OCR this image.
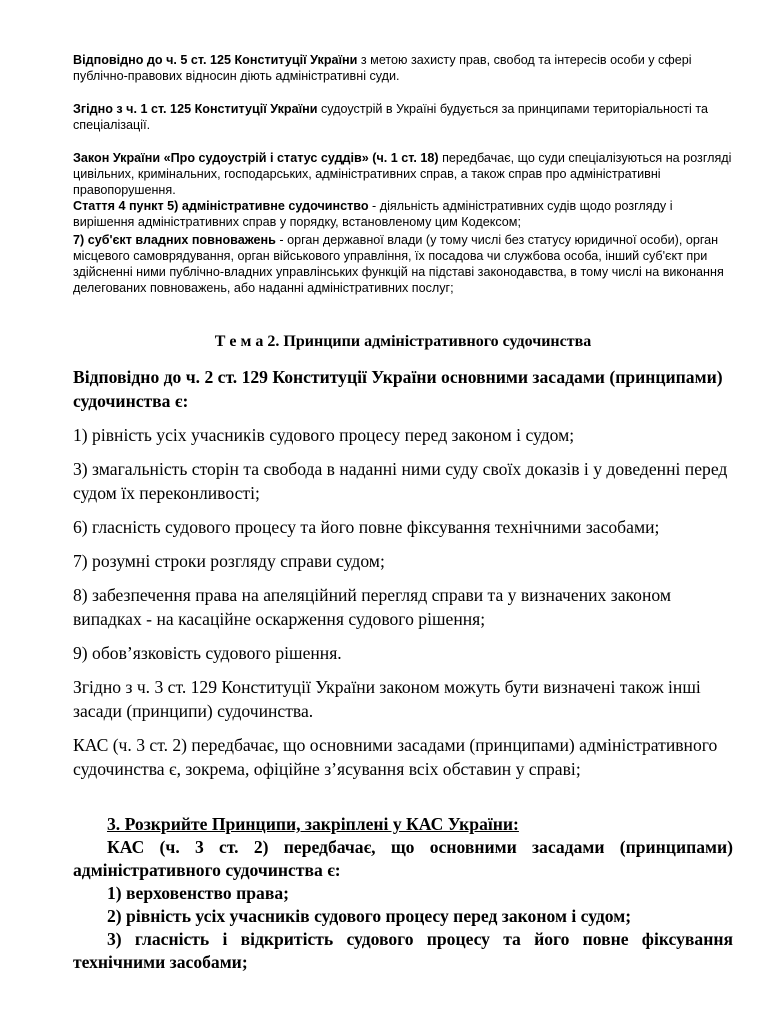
Відповідно до ч. 5 ст. 125 Конституції України з метою захисту прав, свобод та інтересів особи у сфері публічно-правових відносин діють адміністративні суди.

Згідно з ч. 1 ст. 125 Конституції України судоустрій в Україні будується за принципами територіальності та спеціалізації.

Закон України «Про судоустрій і статус суддів» (ч. 1 ст. 18) передбачає, що суди спеціалізуються на розгляді цивільних, кримінальних, господарських, адміністративних справ, а також справ про адміністративні правопорушення.

Стаття 4 пункт 5) адміністративне судочинство - діяльність адміністративних судів щодо розгляду і вирішення адміністративних справ у порядку, встановленому цим Кодексом;

7) суб'єкт владних повноважень - орган державної влади (у тому числі без статусу юридичної особи), орган місцевого самоврядування, орган військового управління, їх посадова чи службова особа, інший суб'єкт при здійсненні ними публічно-владних управлінських функцій на підставі законодавства, в тому числі на виконання делегованих повноважень, або наданні адміністративних послуг;

Т е м а 2. Принципи адміністративного судочинства

Відповідно до ч. 2 ст. 129 Конституції України основними засадами (принципами) судочинства є:

1) рівність усіх учасників судового процесу перед законом і судом;

3) змагальність сторін та свобода в наданні ними суду своїх доказів і у доведенні перед судом їх переконливості;

6) гласність судового процесу та його повне фіксування технічними засобами;

7) розумні строки розгляду справи судом;

8) забезпечення права на апеляційний перегляд справи та у визначених законом випадках - на касаційне оскарження судового рішення;

9) обов’язковість судового рішення.

Згідно з ч. 3 ст. 129 Конституції України законом можуть бути визначені також інші засади (принципи) судочинства.

КАС (ч. 3 ст. 2) передбачає, що основними засадами (принципами) адміністративного судочинства є, зокрема, офіційне з’ясування всіх обставин у справі;

3. Розкрийте Принципи, закріплені у КАС України:

КАС (ч. 3 ст. 2) передбачає, що основними засадами (принципами) адміністративного судочинства є:

1) верховенство права;

2) рівність усіх учасників судового процесу перед законом і судом;

3) гласність і відкритість судового процесу та його повне фіксування технічними засобами;
